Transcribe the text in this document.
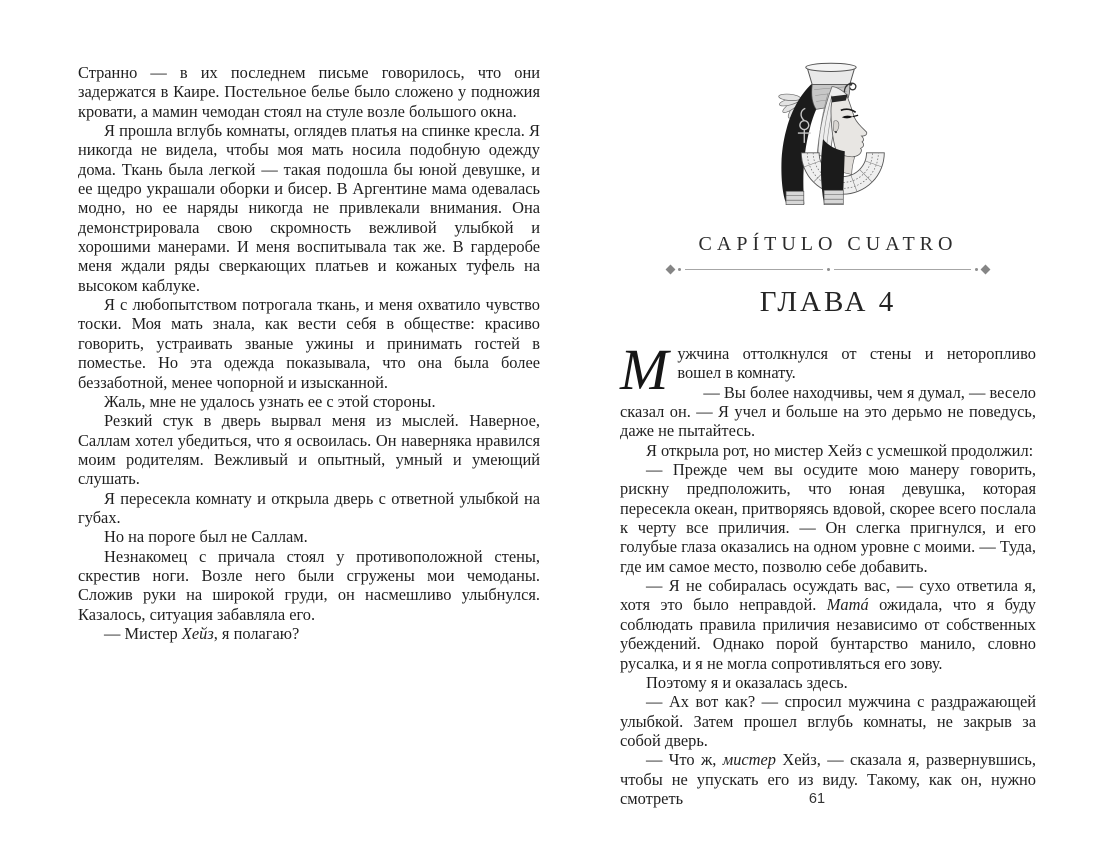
Странно — в их последнем письме говорилось, что они задержатся в Каире. Постельное белье было сложено у подножия кровати, а мамин чемодан стоял на стуле возле большого окна.

Я прошла вглубь комнаты, оглядев платья на спинке кресла. Я никогда не видела, чтобы моя мать носила подобную одежду дома. Ткань была легкой — такая подошла бы юной девушке, и ее щедро украшали оборки и бисер. В Аргентине мама одевалась модно, но ее наряды никогда не привлекали внимания. Она демонстрировала свою скромность вежливой улыбкой и хорошими манерами. И меня воспитывала так же. В гардеробе меня ждали ряды сверкающих платьев и кожаных туфель на высоком каблуке.

Я с любопытством потрогала ткань, и меня охватило чувство тоски. Моя мать знала, как вести себя в обществе: красиво говорить, устраивать званые ужины и принимать гостей в поместье. Но эта одежда показывала, что она была более беззаботной, менее чопорной и изысканной.

Жаль, мне не удалось узнать ее с этой стороны.

Резкий стук в дверь вырвал меня из мыслей. Наверное, Саллам хотел убедиться, что я освоилась. Он наверняка нравился моим родителям. Вежливый и опытный, умный и умеющий слушать.

Я пересекла комнату и открыла дверь с ответной улыбкой на губах.

Но на пороге был не Саллам.

Незнакомец с причала стоял у противоположной стены, скрестив ноги. Возле него были сгружены мои чемоданы. Сложив руки на широкой груди, он насмешливо улыбнулся. Казалось, ситуация забавляла его.

— Мистер Хейз, я полагаю?

CAPÍTULO CUATRO
ГЛАВА 4

Мужчина оттолкнулся от стены и неторопливо вошел в комнату.

— Вы более находчивы, чем я думал, — весело сказал он. — Я учел и больше на это дерьмо не поведусь, даже не пытайтесь.

Я открыла рот, но мистер Хейз с усмешкой продолжил:

— Прежде чем вы осудите мою манеру говорить, рискну предположить, что юная девушка, которая пересекла океан, притворяясь вдовой, скорее всего послала к черту все приличия. — Он слегка пригнулся, и его голубые глаза оказались на одном уровне с моими. — Туда, где им самое место, позволю себе добавить.

— Я не собиралась осуждать вас, — сухо ответила я, хотя это было неправдой. Mamá ожидала, что я буду соблюдать правила приличия независимо от собственных убеждений. Однако порой бунтарство манило, словно русалка, и я не могла сопротивляться его зову.

Поэтому я и оказалась здесь.

— Ах вот как? — спросил мужчина с раздражающей улыбкой. Затем прошел вглубь комнаты, не закрыв за собой дверь.

— Что ж, мистер Хейз, — сказала я, развернувшись, чтобы не упускать его из виду. Такому, как он, нужно смотреть	61
